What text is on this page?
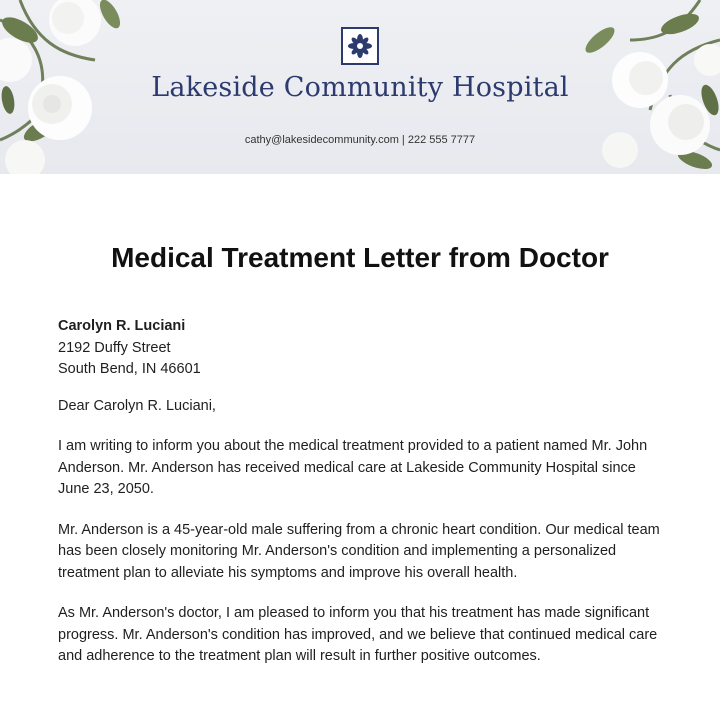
Lakeside Community Hospital
cathy@lakesidecommunity.com | 222 555 7777
Medical Treatment Letter from Doctor

Carolyn R. Luciani

2192 Duffy Street

South Bend, IN 46601

Dear Carolyn R. Luciani,

I am writing to inform you about the medical treatment provided to a patient named Mr. John Anderson. Mr. Anderson has received medical care at Lakeside Community Hospital since June 23, 2050.

Mr. Anderson is a 45-year-old male suffering from a chronic heart condition. Our medical team has been closely monitoring Mr. Anderson's condition and implementing a personalized treatment plan to alleviate his symptoms and improve his overall health.

As Mr. Anderson's doctor, I am pleased to inform you that his treatment has made significant progress. Mr. Anderson's condition has improved, and we believe that continued medical care and adherence to the treatment plan will result in further positive outcomes.
